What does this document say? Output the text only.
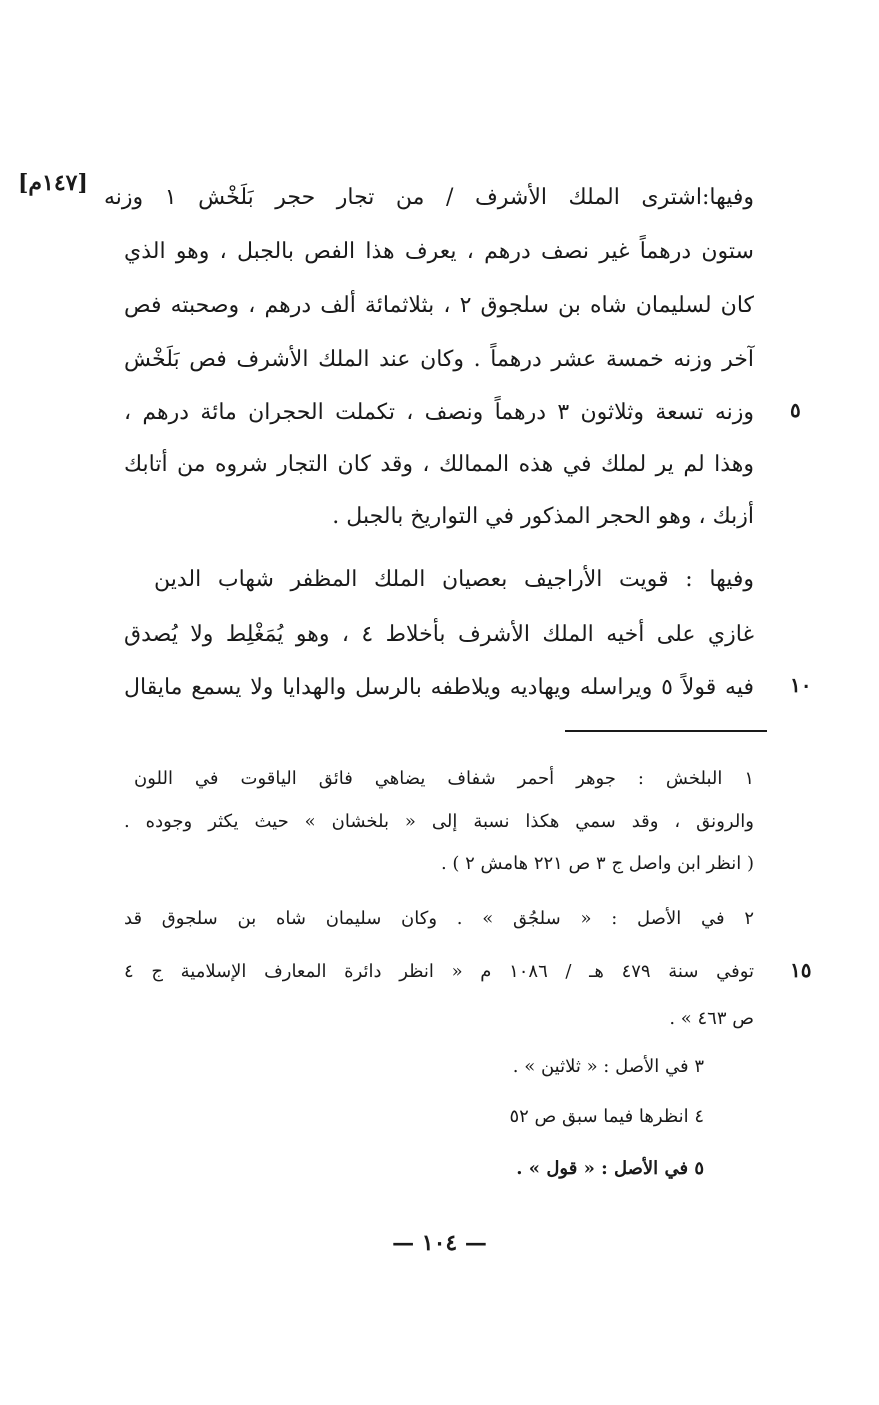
[١٤٧م]
وفيها:اشترى الملك الأشرف / من تجار حجر بَلَخْش ١ وزنه
ستون درهماً غير نصف درهم ، يعرف هذا الفص بالجبل ، وهو الذي
كان لسليمان شاه بن سلجوق ٢ ، بثلاثمائة ألف درهم ، وصحبته فص
آخر وزنه خمسة عشر درهماً . وكان عند الملك الأشرف فص بَلَخْش
وزنه تسعة وثلاثون ٣ درهماً ونصف ، تكملت الحجران مائة درهم ،
وهذا لم ير لملك في هذه الممالك ، وقد كان التجار شروه من أتابك
أزبك ، وهو الحجر المذكور في التواريخ بالجبل .
وفيها : قويت الأراجيف بعصيان الملك المظفر شهاب الدين
غازي على أخيه الملك الأشرف بأخلاط ٤ ، وهو يُمَغْلِط ولا يُصدق
فيه قولاً ٥ ويراسله ويهاديه ويلاطفه بالرسل والهدايا ولا يسمع مايقال
٥
١٠
١٥
١ البلخش : جوهر أحمر شفاف يضاهي فائق الياقوت في اللون
والرونق ، وقد سمي هكذا نسبة إلى « بلخشان » حيث يكثر وجوده .
( انظر ابن واصل ج ٣ ص ٢٢١ هامش ٢ ) .
٢ في الأصل : « سلجُق » . وكان سليمان شاه بن سلجوق قد
توفي سنة ٤٧٩ هـ / ١٠٨٦ م « انظر دائرة المعارف الإسلامية ج ٤
ص ٤٦٣ » .
٣ في الأصل : « ثلاثين » .
٤ انظرها فيما سبق ص ٥٢
٥ في الأصل : « قول » .
— ١٠٤ —
